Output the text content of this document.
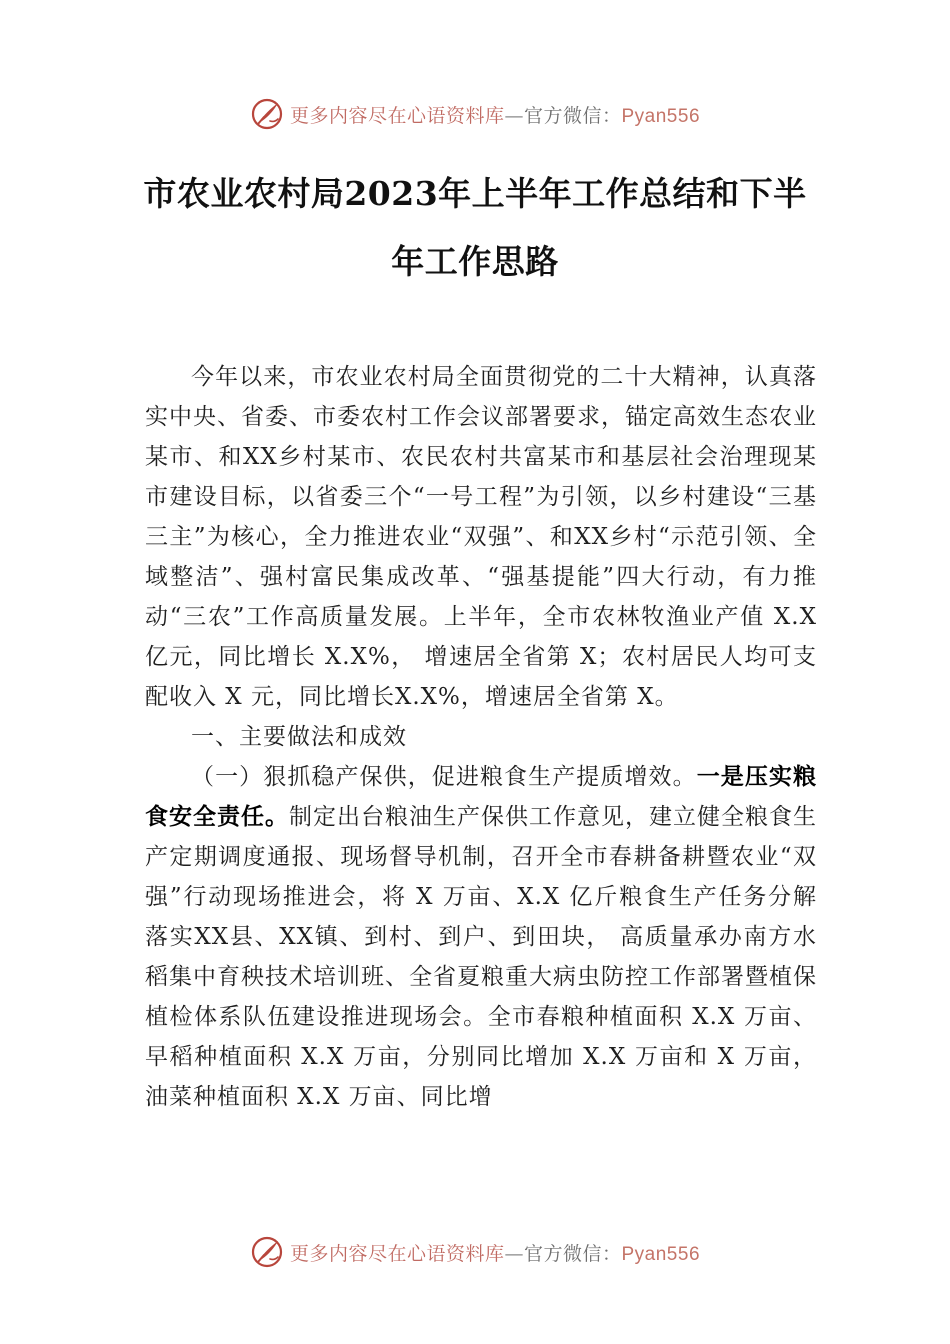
更多内容尽在心语资料库—官方微信：Pyan556
市农业农村局2023年上半年工作总结和下半年工作思路

今年以来，市农业农村局全面贯彻党的二十大精神，认真落实中央、省委、市委农村工作会议部署要求，锚定高效生态农业某市、和XX乡村某市、农民农村共富某市和基层社会治理现某市建设目标，以省委三个“一号工程”为引领，以乡村建设“三基三主”为核心，全力推进农业“双强”、和XX乡村“示范引领、全域整洁”、强村富民集成改革、“强基提能”四大行动，有力推动“三农”工作高质量发展。上半年，全市农林牧渔业产值 X.X 亿元，同比增长 X.X%， 增速居全省第 X；农村居民人均可支配收入 X 元，同比增长X.X%，增速居全省第 X。

一、主要做法和成效

（一）狠抓稳产保供，促进粮食生产提质增效。一是压实粮食安全责任。制定出台粮油生产保供工作意见，建立健全粮食生产定期调度通报、现场督导机制，召开全市春耕备耕暨农业“双强”行动现场推进会，将 X 万亩、X.X 亿斤粮食生产任务分解落实XX县、XX镇、到村、到户、到田块， 高质量承办南方水稻集中育秧技术培训班、全省夏粮重大病虫防控工作部署暨植保植检体系队伍建设推进现场会。全市春粮种植面积 X.X 万亩、早稻种植面积 X.X 万亩，分别同比增加 X.X 万亩和 X 万亩，油菜种植面积 X.X 万亩、同比增

更多内容尽在心语资料库—官方微信：Pyan556
